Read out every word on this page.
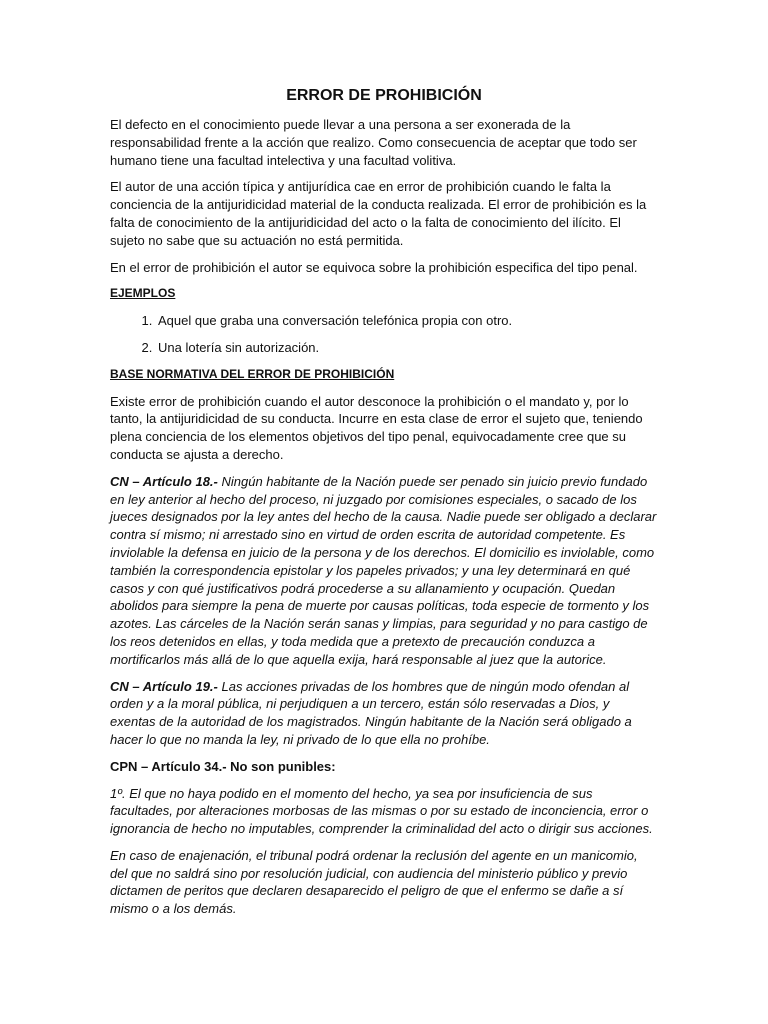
ERROR DE PROHIBICIÓN

El defecto en el conocimiento puede llevar a una persona a ser exonerada de la responsabilidad frente a la acción que realizo. Como consecuencia de aceptar que todo ser humano tiene una facultad intelectiva y una facultad volitiva.

El autor de una acción típica y antijurídica cae en error de prohibición cuando le falta la conciencia de la antijuridicidad material de la conducta realizada. El error de prohibición es la falta de conocimiento de la antijuridicidad del acto o la falta de conocimiento del ilícito. El sujeto no sabe que su actuación no está permitida.

En el error de prohibición el autor se equivoca sobre la prohibición especifica del tipo penal.

EJEMPLOS
1. Aquel que graba una conversación telefónica propia con otro.
2. Una lotería sin autorización.
BASE NORMATIVA DEL ERROR DE PROHIBICIÓN

Existe error de prohibición cuando el autor desconoce la prohibición o el mandato y, por lo tanto, la antijuridicidad de su conducta. Incurre en esta clase de error el sujeto que, teniendo plena conciencia de los elementos objetivos del tipo penal, equivocadamente cree que su conducta se ajusta a derecho.

CN – Artículo 18.- Ningún habitante de la Nación puede ser penado sin juicio previo fundado en ley anterior al hecho del proceso, ni juzgado por comisiones especiales, o sacado de los jueces designados por la ley antes del hecho de la causa. Nadie puede ser obligado a declarar contra sí mismo; ni arrestado sino en virtud de orden escrita de autoridad competente. Es inviolable la defensa en juicio de la persona y de los derechos. El domicilio es inviolable, como también la correspondencia epistolar y los papeles privados; y una ley determinará en qué casos y con qué justificativos podrá procederse a su allanamiento y ocupación. Quedan abolidos para siempre la pena de muerte por causas políticas, toda especie de tormento y los azotes. Las cárceles de la Nación serán sanas y limpias, para seguridad y no para castigo de los reos detenidos en ellas, y toda medida que a pretexto de precaución conduzca a mortificarlos más allá de lo que aquella exija, hará responsable al juez que la autorice.

CN – Artículo 19.- Las acciones privadas de los hombres que de ningún modo ofendan al orden y a la moral pública, ni perjudiquen a un tercero, están sólo reservadas a Dios, y exentas de la autoridad de los magistrados. Ningún habitante de la Nación será obligado a hacer lo que no manda la ley, ni privado de lo que ella no prohíbe.

CPN – Artículo 34.- No son punibles:

1º. El que no haya podido en el momento del hecho, ya sea por insuficiencia de sus facultades, por alteraciones morbosas de las mismas o por su estado de inconciencia, error o ignorancia de hecho no imputables, comprender la criminalidad del acto o dirigir sus acciones.

En caso de enajenación, el tribunal podrá ordenar la reclusión del agente en un manicomio, del que no saldrá sino por resolución judicial, con audiencia del ministerio público y previo dictamen de peritos que declaren desaparecido el peligro de que el enfermo se dañe a sí mismo o a los demás.
